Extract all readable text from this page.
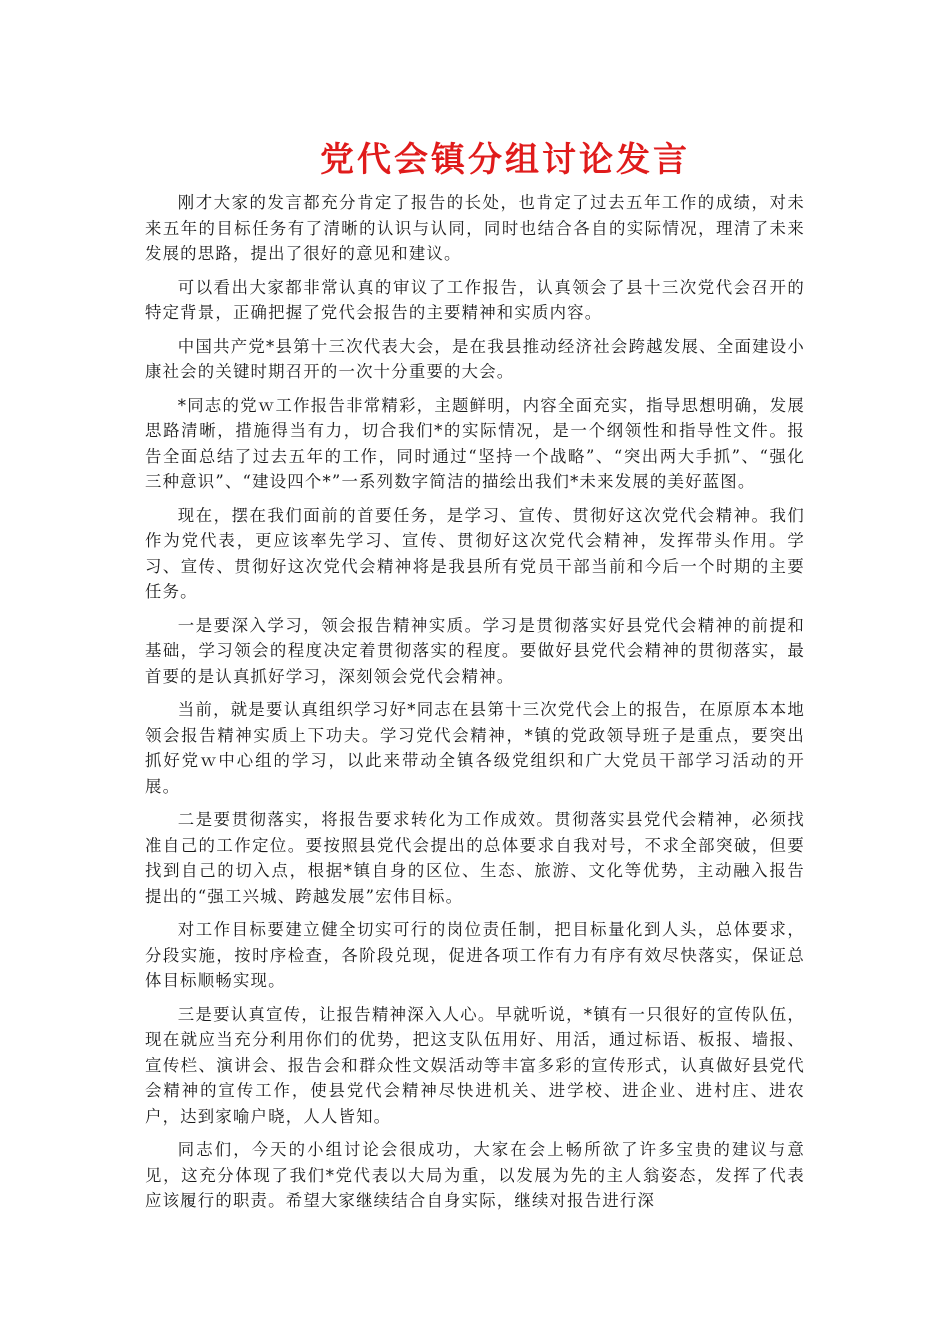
党代会镇分组讨论发言

刚才大家的发言都充分肯定了报告的长处，也肯定了过去五年工作的成绩，对未来五年的目标任务有了清晰的认识与认同，同时也结合各自的实际情况，理清了未来发展的思路，提出了很好的意见和建议。

可以看出大家都非常认真的审议了工作报告，认真领会了县十三次党代会召开的特定背景，正确把握了党代会报告的主要精神和实质内容。

中国共产党*县第十三次代表大会，是在我县推动经济社会跨越发展、全面建设小康社会的关键时期召开的一次十分重要的大会。

*同志的党ｗ工作报告非常精彩，主题鲜明，内容全面充实，指导思想明确，发展思路清晰，措施得当有力，切合我们*的实际情况，是一个纲领性和指导性文件。报告全面总结了过去五年的工作，同时通过“坚持一个战略”、“突出两大手抓”、“强化三种意识”、“建设四个*”一系列数字简洁的描绘出我们*未来发展的美好蓝图。

现在，摆在我们面前的首要任务，是学习、宣传、贯彻好这次党代会精神。我们作为党代表，更应该率先学习、宣传、贯彻好这次党代会精神，发挥带头作用。学习、宣传、贯彻好这次党代会精神将是我县所有党员干部当前和今后一个时期的主要任务。

一是要深入学习，领会报告精神实质。学习是贯彻落实好县党代会精神的前提和基础，学习领会的程度决定着贯彻落实的程度。要做好县党代会精神的贯彻落实，最首要的是认真抓好学习，深刻领会党代会精神。

当前，就是要认真组织学习好*同志在县第十三次党代会上的报告，在原原本本地领会报告精神实质上下功夫。学习党代会精神，*镇的党政领导班子是重点，要突出抓好党ｗ中心组的学习，以此来带动全镇各级党组织和广大党员干部学习活动的开展。

二是要贯彻落实，将报告要求转化为工作成效。贯彻落实县党代会精神，必须找准自己的工作定位。要按照县党代会提出的总体要求自我对号，不求全部突破，但要找到自己的切入点，根据*镇自身的区位、生态、旅游、文化等优势，主动融入报告提出的“强工兴城、跨越发展”宏伟目标。

对工作目标要建立健全切实可行的岗位责任制，把目标量化到人头，总体要求，分段实施，按时序检查，各阶段兑现，促进各项工作有力有序有效尽快落实，保证总体目标顺畅实现。

三是要认真宣传，让报告精神深入人心。早就听说，*镇有一只很好的宣传队伍，现在就应当充分利用你们的优势，把这支队伍用好、用活，通过标语、板报、墙报、宣传栏、演讲会、报告会和群众性文娱活动等丰富多彩的宣传形式，认真做好县党代会精神的宣传工作，使县党代会精神尽快进机关、进学校、进企业、进村庄、进农户，达到家喻户晓，人人皆知。

同志们，今天的小组讨论会很成功，大家在会上畅所欲了许多宝贵的建议与意见，这充分体现了我们*党代表以大局为重，以发展为先的主人翁姿态，发挥了代表应该履行的职责。希望大家继续结合自身实际，继续对报告进行深
